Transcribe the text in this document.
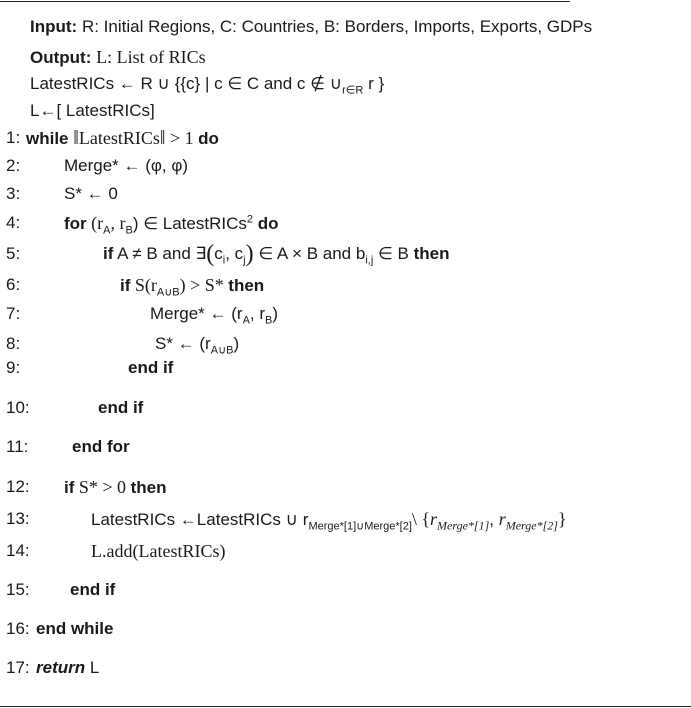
Input: R: Initial Regions, C: Countries, B: Borders, Imports, Exports, GDPs
Output: L: List of RICs
LatestRICs ← R ∪ {{c} | c ∈ C and c ∉ $\cup_{r\in R}$ r }
L←[ LatestRICs]
1: while ‖LatestRICs‖ > 1 do
2:	Merge* ← (φ, φ)
3:	S* ← 0
4:	for ($r_A$, $r_B$) ∈ LatestRICs$^2$ do
5:	if A ≠ B and $\exists(c_i$, $c_j$) ∈ A × B and $b_{i,j}$ ∈ B then
6:	if $S(r_{A\cup B}) > S*$ then
7:	Merge* ← ($r_A$, $r_B$)
8:	S* ← $(r_{A\cup B})$
9:	end if
10:	end if
11:	end for
12: if S* > 0 then
13:	LatestRICs ←LatestRICs ∪ $r_{Merge*[1]\cup Merge*[2]}\backslash$ {$r_{Merge*[1]}$, $r_{Merge*[2]}$}
14:	L.add(LatestRICs)
15: end if
16: end while
17: return L
